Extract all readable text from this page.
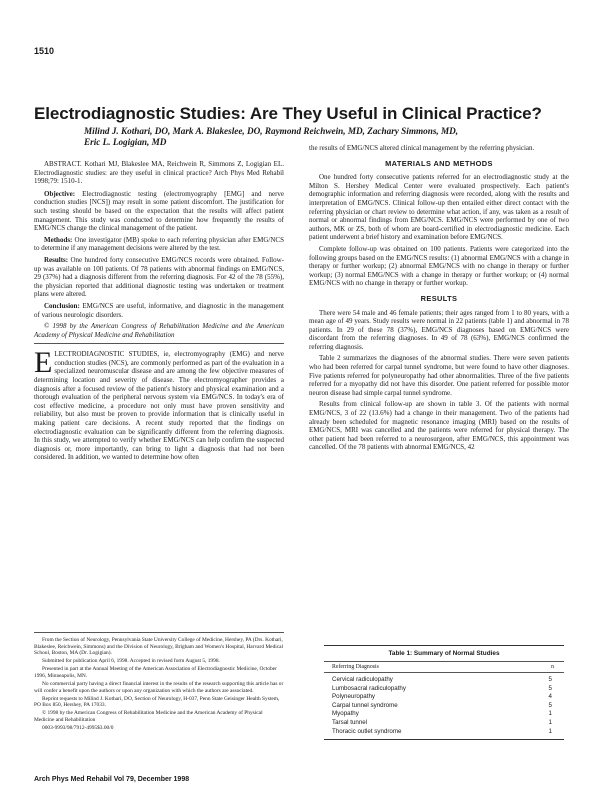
1510
Electrodiagnostic Studies: Are They Useful in Clinical Practice?
Milind J. Kothari, DO, Mark A. Blakeslee, DO, Raymond Reichwein, MD, Zachary Simmons, MD,
Eric L. Logigian, MD
ABSTRACT. Kothari MJ, Blakeslee MA, Reichwein R, Simmons Z, Logigian EL. Electrodiagnostic studies: are they useful in clinical practice? Arch Phys Med Rehabil 1998;79: 1510-1.
Objective: Electrodiagnostic testing (electromyography [EMG] and nerve conduction studies [NCS]) may result in some patient discomfort. The justification for such testing should be based on the expectation that the results will affect patient management. This study was conducted to determine how frequently the results of EMG/NCS change the clinical management of the patient.
Methods: One investigator (MB) spoke to each referring physician after EMG/NCS to determine if any management decisions were altered by the test.
Results: One hundred forty consecutive EMG/NCS records were obtained. Follow-up was available on 100 patients. Of 78 patients with abnormal findings on EMG/NCS, 29 (37%) had a diagnosis different from the referring diagnosis. For 42 of the 78 (55%), the physician reported that additional diagnostic testing was undertaken or treatment plans were altered.
Conclusion: EMG/NCS are useful, informative, and diagnostic in the management of various neurologic disorders.
© 1998 by the American Congress of Rehabilitation Medicine and the American Academy of Physical Medicine and Rehabilitation
ELECTRODIAGNOSTIC STUDIES, ie, electromyography (EMG) and nerve conduction studies (NCS), are commonly performed as part of the evaluation in a specialized neuromuscular disease and are among the few objective measures of determining location and severity of disease. The electromyographer provides a diagnosis after a focused review of the patient's history and physical examination and a thorough evaluation of the peripheral nervous system via EMG/NCS. In today's era of cost effective medicine, a procedure not only must have proven sensitivity and reliability, but also must be proven to provide information that is clinically useful in making patient care decisions. A recent study reported that the findings on electrodiagnostic evaluation can be significantly different from the referring diagnosis. In this study, we attempted to verify whether EMG/NCS can help confirm the suspected diagnosis or, more importantly, can bring to light a diagnosis that had not been considered. In addition, we wanted to determine how often

From the Section of Neurology, Pennsylvania State University College of Medicine, Hershey, PA (Drs. Kothari, Blakeslee, Reichwein, Simmons) and the Division of Neurology, Brigham and Women's Hospital, Harvard Medical School, Boston, MA (Dr. Logigian).

Submitted for publication April 6, 1998. Accepted in revised form August 5, 1998.

Presented in part at the Annual Meeting of the American Association of Electrodiagnostic Medicine, October 1996, Minneapolis, MN.

No commercial party having a direct financial interest in the results of the research supporting this article has or will confer a benefit upon the authors or upon any organization with which the authors are associated.

Reprint requests to Milind J. Kothari, DO, Section of Neurology, H-037, Penn State Geisinger Health System, PO Box 850, Hershey, PA 17033.

© 1998 by the American Congress of Rehabilitation Medicine and the American Academy of Physical Medicine and Rehabilitation

0003-9993/98/7912-4995$3.00/0

the results of EMG/NCS altered clinical management by the referring physician.
MATERIALS AND METHODS
One hundred forty consecutive patients referred for an electrodiagnostic study at the Milton S. Hershey Medical Center were evaluated prospectively. Each patient's demographic information and referring diagnosis were recorded, along with the results and interpretation of EMG/NCS. Clinical follow-up then entailed either direct contact with the referring physician or chart review to determine what action, if any, was taken as a result of normal or abnormal findings from EMG/NCS. EMG/NCS were performed by one of two authors, MK or ZS, both of whom are board-certified in electrodiagnostic medicine. Each patient underwent a brief history and examination before EMG/NCS.
Complete follow-up was obtained on 100 patients. Patients were categorized into the following groups based on the EMG/NCS results: (1) abnormal EMG/NCS with a change in therapy or further workup; (2) abnormal EMG/NCS with no change in therapy or further workup; (3) normal EMG/NCS with a change in therapy or further workup; or (4) normal EMG/NCS with no change in therapy or further workup.
RESULTS
There were 54 male and 46 female patients; their ages ranged from 1 to 80 years, with a mean age of 49 years. Study results were normal in 22 patients (table 1) and abnormal in 78 patients. In 29 of these 78 (37%), EMG/NCS diagnoses based on EMG/NCS were discordant from the referring diagnoses. In 49 of 78 (63%), EMG/NCS confirmed the referring diagnosis.
Table 2 summarizes the diagnoses of the abnormal studies. There were seven patients who had been referred for carpal tunnel syndrome, but were found to have other diagnoses. Five patients referred for polyneuropathy had other abnormalities. Three of the five patients referred for a myopathy did not have this disorder. One patient referred for possible motor neuron disease had simple carpal tunnel syndrome.
Results from clinical follow-up are shown in table 3. Of the patients with normal EMG/NCS, 3 of 22 (13.6%) had a change in their management. Two of the patients had already been scheduled for magnetic resonance imaging (MRI) based on the results of EMG/NCS, MRI was cancelled and the patients were referred for physical therapy. The other patient had been referred to a neurosurgeon, after EMG/NCS, this appointment was cancelled. Of the 78 patients with abnormal EMG/NCS, 42
Table 1: Summary of Normal Studies
Referring Diagnosis	n
Cervical radiculopathy	5
Lumbosacral radiculopathy	5
Polyneuropathy	4
Carpal tunnel syndrome	5
Myopathy	1
Tarsal tunnel	1
Thoracic outlet syndrome	1
Arch Phys Med Rehabil Vol 79, December 1998
